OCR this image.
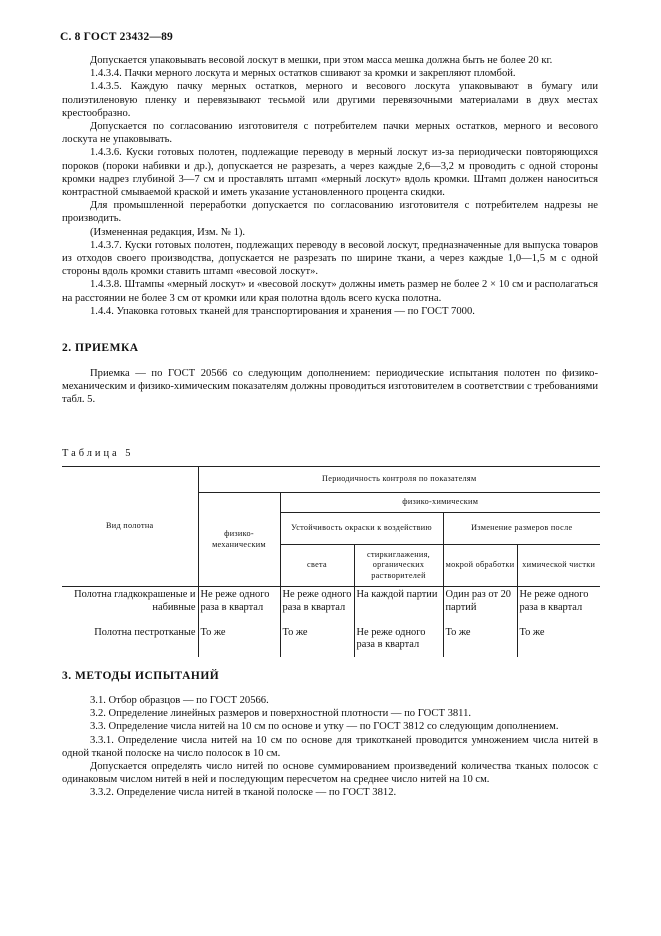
С. 8 ГОСТ 23432—89

Допускается упаковывать весовой лоскут в мешки, при этом масса мешка должна быть не более 20 кг.

1.4.3.4. Пачки мерного лоскута и мерных остатков сшивают за кромки и закрепляют пломбой.

1.4.3.5. Каждую пачку мерных остатков, мерного и весового лоскута упаковывают в бумагу или полиэтиленовую пленку и перевязывают тесьмой или другими перевязочными материалами в двух местах крестообразно.

Допускается по согласованию изготовителя с потребителем пачки мерных остатков, мерного и весового лоскута не упаковывать.

1.4.3.6. Куски готовых полотен, подлежащие переводу в мерный лоскут из-за периодически повторяющихся пороков (пороки набивки и др.), допускается не разрезать, а через каждые 2,6—3,2 м проводить с одной стороны кромки надрез глубиной 3—7 см и проставлять штамп «мерный лоскут» вдоль кромки. Штамп должен наноситься контрастной смываемой краской и иметь указание установленного процента скидки.

Для промышленной переработки допускается по согласованию изготовителя с потребителем надрезы не производить.

(Измененная редакция, Изм. № 1).

1.4.3.7. Куски готовых полотен, подлежащих переводу в весовой лоскут, предназначенные для выпуска товаров из отходов своего производства, допускается не разрезать по ширине ткани, а через каждые 1,0—1,5 м с одной стороны вдоль кромки ставить штамп «весовой лоскут».

1.4.3.8. Штампы «мерный лоскут» и «весовой лоскут» должны иметь размер не более 2 × 10 см и располагаться на расстоянии не более 3 см от кромки или края полотна вдоль всего куска полотна.

1.4.4. Упаковка готовых тканей для транспортирования и хранения — по ГОСТ 7000.

2. ПРИЕМКА

Приемка — по ГОСТ 20566 со следующим дополнением: периодические испытания полотен по физико-механическим и физико-химическим показателям должны проводиться изготовителем в соответствии с требованиями табл. 5.

Таблица 5

Вид полотна	Периодичность контроля по показателям				
	физико-механическим	физико-химическим			
		Устойчивость окраски к воздействию		Изменение размеров после	
		света	стиркиглажения, органических растворителей	мокрой обработки	химической чистки
Полотна гладкокрашеные и набивные	Не реже одного раза в квартал	Не реже одного раза в квартал	На каждой партии	Один раз от 20 партий	Не реже одного раза в квартал
Полотна пестротканые	То же	То же	Не реже одного раза в квартал	То же	То же

3. МЕТОДЫ ИСПЫТАНИЙ

3.1. Отбор образцов — по ГОСТ 20566.

3.2. Определение линейных размеров и поверхностной плотности — по ГОСТ 3811.

3.3. Определение числа нитей на 10 см по основе и утку — по ГОСТ 3812 со следующим дополнением.

3.3.1. Определение числа нитей на 10 см по основе для трикотканей проводится умножением числа нитей в одной тканой полоске на число полосок в 10 см.

Допускается определять число нитей по основе суммированием произведений количества тканых полосок с одинаковым числом нитей в ней и последующим пересчетом на среднее число нитей на 10 см.

3.3.2. Определение числа нитей в тканой полоске — по ГОСТ 3812.
